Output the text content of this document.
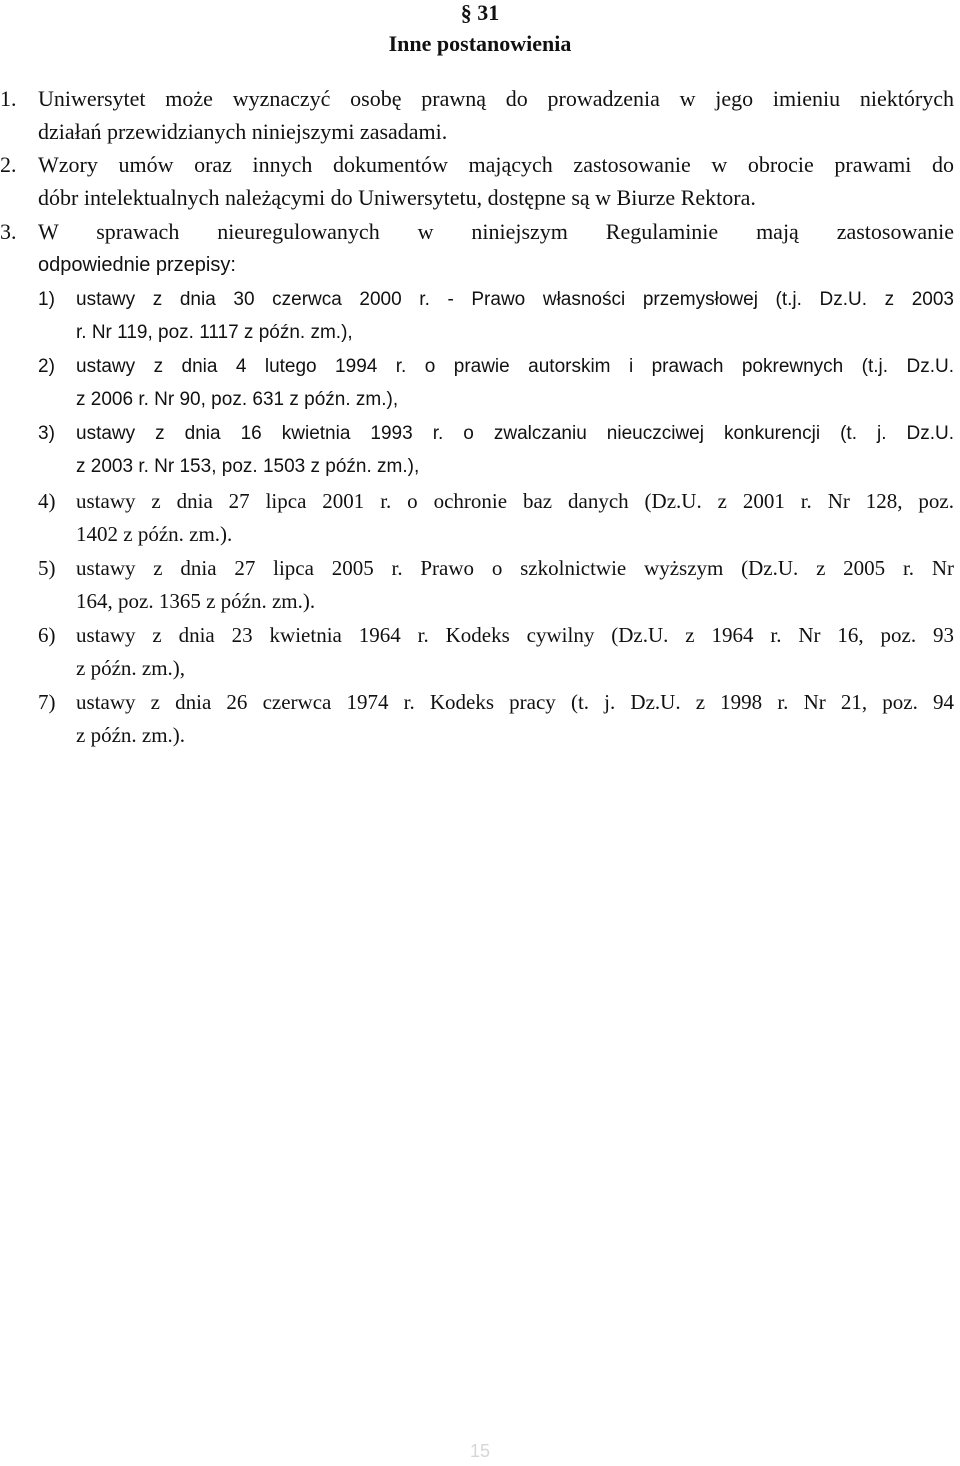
§ 31
Inne postanowienia
1. Uniwersytet może wyznaczyć osobę prawną do prowadzenia w jego imieniu niektórych
działań przewidzianych niniejszymi zasadami.
2. Wzory umów oraz innych dokumentów mających zastosowanie w obrocie prawami do
dóbr intelektualnych należącymi do Uniwersytetu, dostępne są w Biurze Rektora.
3. W sprawach nieuregulowanych w niniejszym Regulaminie mają zastosowanie
odpowiednie przepisy:
1) ustawy z dnia 30 czerwca 2000 r. - Prawo własności przemysłowej (t.j. Dz.U. z 2003
r. Nr 119, poz. 1117 z późn. zm.),
2) ustawy z dnia 4 lutego 1994 r. o prawie autorskim i prawach pokrewnych (t.j. Dz.U.
z 2006 r. Nr 90, poz. 631 z późn. zm.),
3) ustawy z dnia 16 kwietnia 1993 r. o zwalczaniu nieuczciwej konkurencji (t. j. Dz.U.
z 2003 r. Nr 153, poz. 1503 z późn. zm.),
4) ustawy z dnia 27 lipca 2001 r. o ochronie baz danych (Dz.U. z 2001 r. Nr 128, poz.
1402 z późn. zm.).
5) ustawy z dnia 27 lipca 2005 r. Prawo o szkolnictwie wyższym (Dz.U. z 2005 r. Nr
164, poz. 1365 z późn. zm.).
6) ustawy z dnia 23 kwietnia 1964 r. Kodeks cywilny (Dz.U. z 1964 r. Nr 16, poz. 93
z późn. zm.),
7) ustawy z dnia 26 czerwca 1974 r. Kodeks pracy (t. j. Dz.U. z 1998 r. Nr 21, poz. 94
z późn. zm.).
15
